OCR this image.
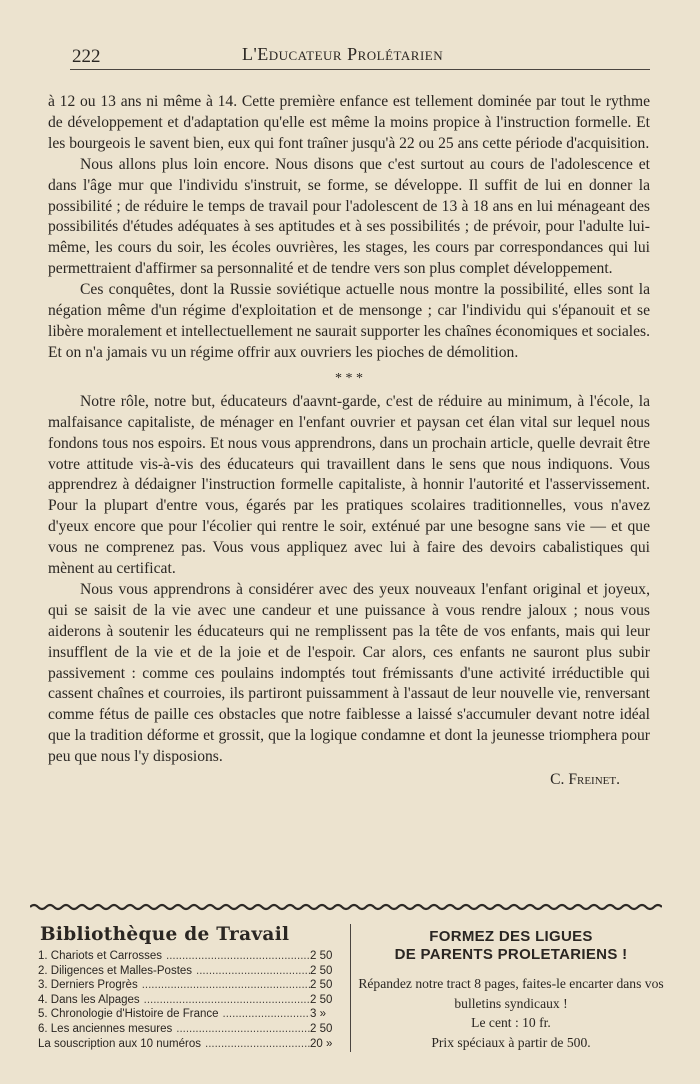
222	L'Educateur Prolétarien

à 12 ou 13 ans ni même à 14. Cette première enfance est tellement dominée par tout le rythme de développement et d'adaptation qu'elle est même la moins propice à l'instruction formelle. Et les bourgeois le savent bien, eux qui font traîner jusqu'à 22 ou 25 ans cette période d'acquisition.

Nous allons plus loin encore. Nous disons que c'est surtout au cours de l'adolescence et dans l'âge mur que l'individu s'instruit, se forme, se développe. Il suffit de lui en donner la possibilité ; de réduire le temps de travail pour l'adolescent de 13 à 18 ans en lui ménageant des possibilités d'études adéquates à ses aptitudes et à ses possibilités ; de prévoir, pour l'adulte lui-même, les cours du soir, les écoles ouvrières, les stages, les cours par correspondances qui lui permettraient d'affirmer sa personnalité et de tendre vers son plus complet développement.

Ces conquêtes, dont la Russie soviétique actuelle nous montre la possibilité, elles sont la négation même d'un régime d'exploitation et de mensonge ; car l'individu qui s'épanouit et se libère moralement et intellectuellement ne saurait supporter les chaînes économiques et sociales. Et on n'a jamais vu un régime offrir aux ouvriers les pioches de démolition.

* * *

Notre rôle, notre but, éducateurs d'aavnt-garde, c'est de réduire au minimum, à l'école, la malfaisance capitaliste, de ménager en l'enfant ouvrier et paysan cet élan vital sur lequel nous fondons tous nos espoirs. Et nous vous apprendrons, dans un prochain article, quelle devrait être votre attitude vis-à-vis des éducateurs qui travaillent dans le sens que nous indiquons. Vous apprendrez à dédaigner l'instruction formelle capitaliste, à honnir l'autorité et l'asservissement. Pour la plupart d'entre vous, égarés par les pratiques scolaires traditionnelles, vous n'avez d'yeux encore que pour l'écolier qui rentre le soir, exténué par une besogne sans vie — et que vous ne comprenez pas. Vous vous appliquez avec lui à faire des devoirs cabalistiques qui mènent au certificat.

Nous vous apprendrons à considérer avec des yeux nouveaux l'enfant original et joyeux, qui se saisit de la vie avec une candeur et une puissance à vous rendre jaloux ; nous vous aiderons à soutenir les éducateurs qui ne remplissent pas la tête de vos enfants, mais qui leur insufflent de la vie et de la joie et de l'espoir. Car alors, ces enfants ne sauront plus subir passivement : comme ces poulains indomptés tout frémissants d'une activité irréductible qui cassent chaînes et courroies, ils partiront puissamment à l'assaut de leur nouvelle vie, renversant comme fétus de paille ces obstacles que notre faiblesse a laissé s'accumuler devant notre idéal que la tradition déforme et grossit, que la logique condamne et dont la jeunesse triomphera pour peu que nous l'y disposions.

C. Freinet.
Bibliothèque de Travail
1. Chariots et Carrosses .....	2 50
2. Diligences et Malles-Postes .....	2 50
3. Derniers Progrès .....	2 50
4. Dans les Alpages .....	2 50
5. Chronologie d'Histoire de France .....	3 »
6. Les anciennes mesures .....	2 50
La souscription aux 10 numéros .....	20 »

FORMEZ DES LIGUES

DE PARENTS PROLETARIENS !

Répandez notre tract 8 pages, faites-le encarter dans vos bulletins syndicaux !

Le cent : 10 fr.

Prix spéciaux à partir de 500.
